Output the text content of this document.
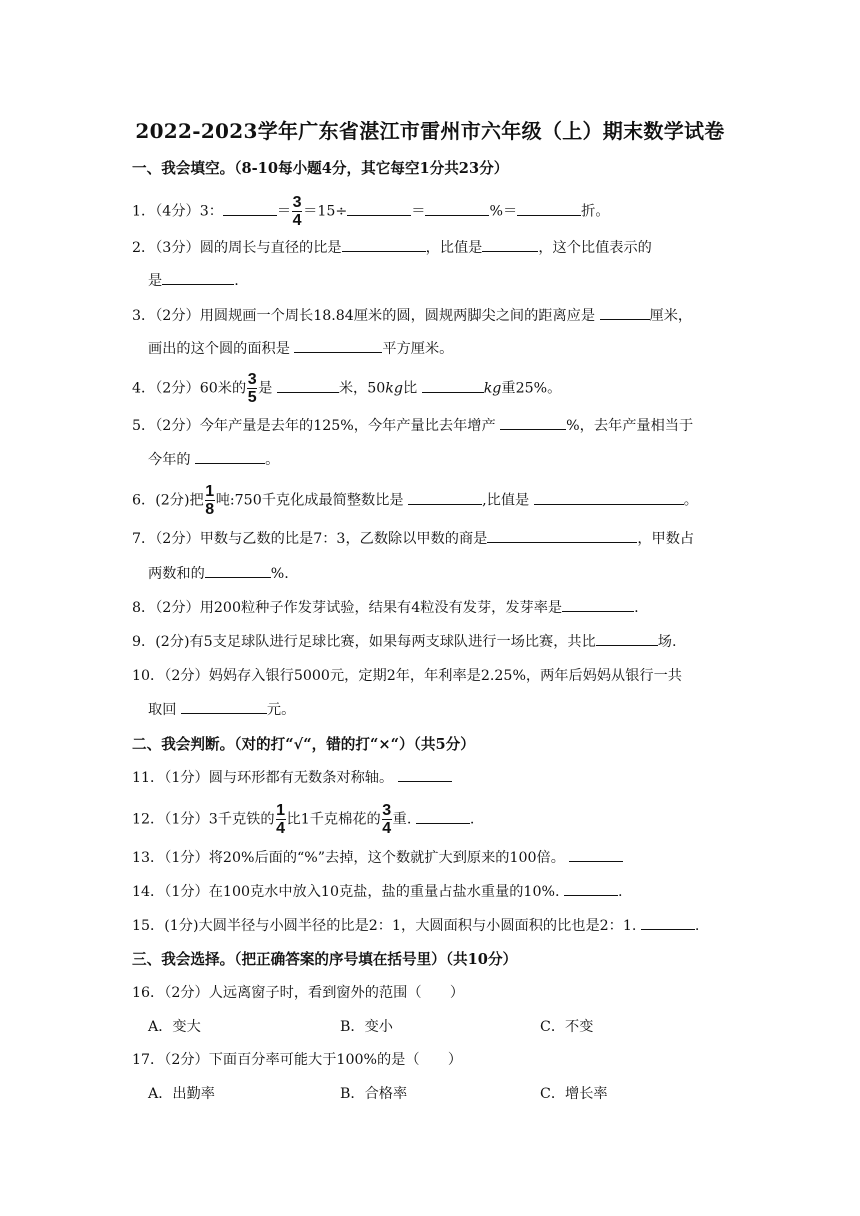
2022-2023学年广东省湛江市雷州市六年级（上）期末数学试卷
一、我会填空。（8-10每小题4分，其它每空1分共23分）
1．（4分）3：	＝ $\frac{3}{4} =15\div$	＝	%＝	折。
2．（3分）圆的周长与直径的比是	，比值是	，这个比值表示的
是	.
3．（2分）用圆规画一个周长18.84厘米的圆，圆规两脚尖之间的距离应是	厘米，
画出的这个圆的面积是	平方厘米。
4．（2分）60米的 $\frac{3}{5}$ 是	米，50kg比	kg重25%。
5．（2分）今年产量是去年的125%，今年产量比去年增产	%，去年产量相当于
今年的	。
6．(2分)把 $\frac{1}{8}$ 吨:750千克化成最简整数比是	,比值是	。
7．（2分）甲数与乙数的比是7：3，乙数除以甲数的商是	，甲数占
两数和的	%.
8．（2分）用200粒种子作发芽试验，结果有4粒没有发芽，发芽率是	.
9．(2分)有5支足球队进行足球比赛，如果每两支球队进行一场比赛，共比	场.
10．（2分）妈妈存入银行5000元，定期2年，年利率是2.25%，两年后妈妈从银行一共
取回	元。
二、我会判断。（对的打“√“，错的打“×“）（共5分）
11．（1分）圆与环形都有无数条对称轴。
12．（1分）3千克铁的 $\frac{1}{4}$ 比1千克棉花的 $\frac{3}{4}$ 重.	.
13．（1分）将20%后面的“%”去掉，这个数就扩大到原来的100倍。
14．（1分）在100克水中放入10克盐，盐的重量占盐水重量的10%.	.
15．(1分)大圆半径与小圆半径的比是2：1，大圆面积与小圆面积的比也是2：1.	.
三、我会选择。（把正确答案的序号填在括号里）（共10分）
16．（2分）人远离窗子时，看到窗外的范围（　　）
A．变大	B．变小	C．不变
17．（2分）下面百分率可能大于100%的是（　　）
A．出勤率	B．合格率	C．增长率
